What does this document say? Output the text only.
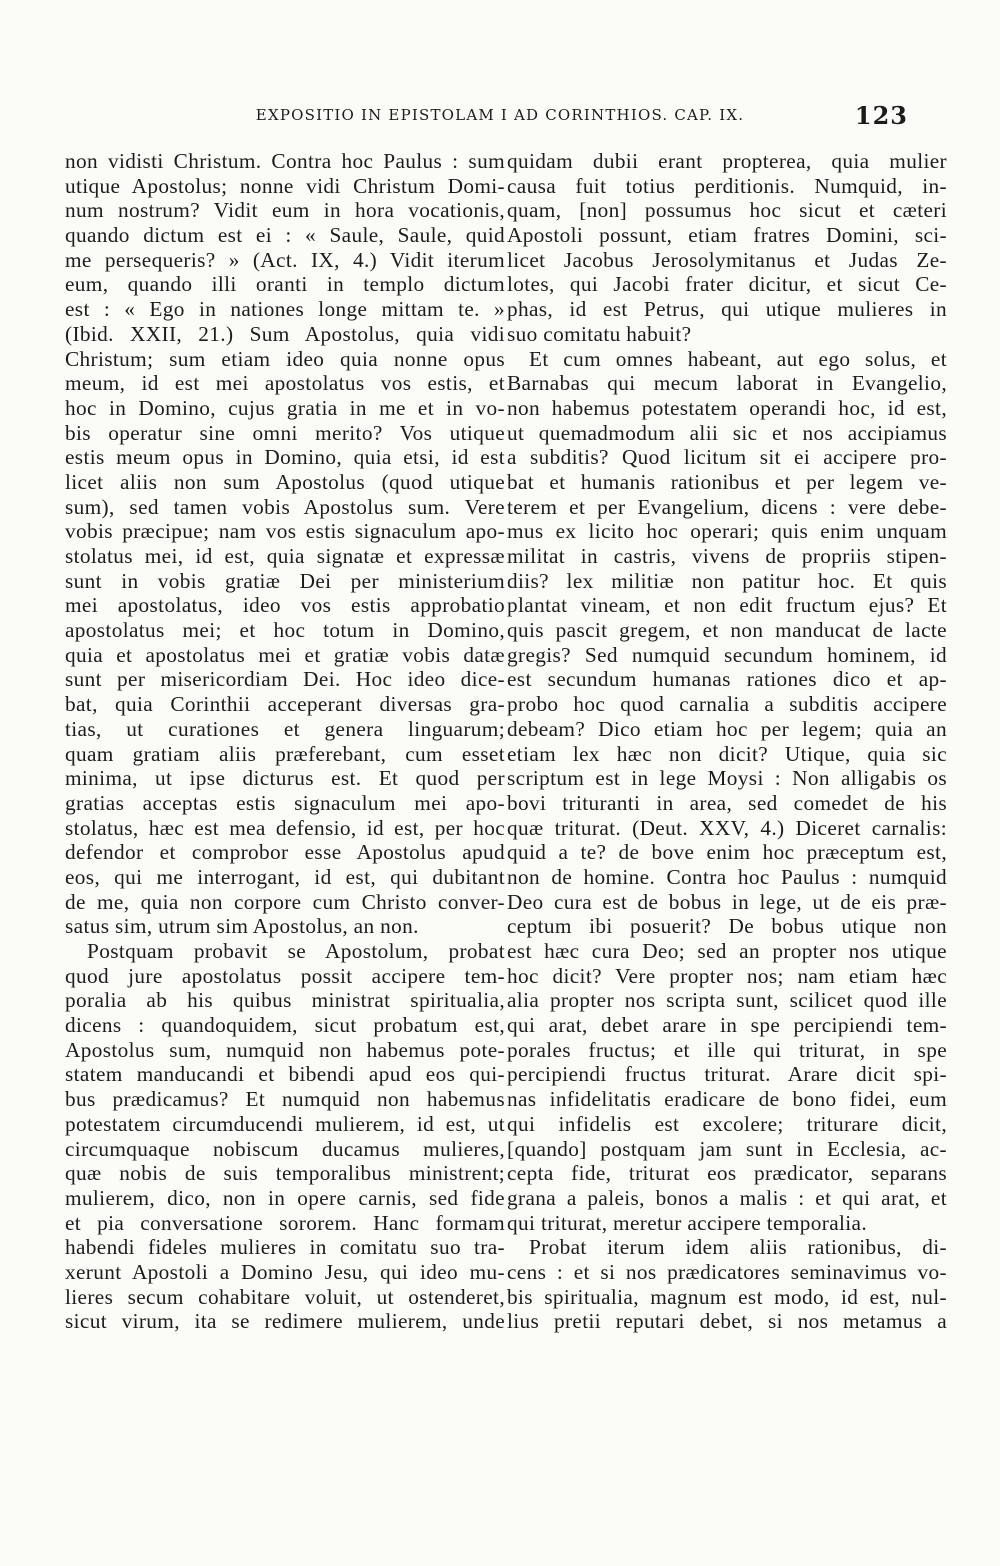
EXPOSITIO IN EPISTOLAM I AD CORINTHIOS. CAP. IX.	123
non vidisti Christum. Contra hoc Paulus : sum
utique Apostolus; nonne vidi Christum Domi-
num nostrum? Vidit eum in hora vocationis,
quando dictum est ei : « Saule, Saule, quid
me persequeris? » (Act. IX, 4.) Vidit iterum
eum, quando illi oranti in templo dictum
est : « Ego in nationes longe mittam te. »
(Ibid. XXII, 21.) Sum Apostolus, quia vidi
Christum; sum etiam ideo quia nonne opus
meum, id est mei apostolatus vos estis, et
hoc in Domino, cujus gratia in me et in vo-
bis operatur sine omni merito? Vos utique
estis meum opus in Domino, quia etsi, id est
licet aliis non sum Apostolus (quod utique
sum), sed tamen vobis Apostolus sum. Vere
vobis præcipue; nam vos estis signaculum apo-
stolatus mei, id est, quia signatæ et expressæ
sunt in vobis gratiæ Dei per ministerium
mei apostolatus, ideo vos estis approbatio
apostolatus mei; et hoc totum in Domino,
quia et apostolatus mei et gratiæ vobis datæ
sunt per misericordiam Dei. Hoc ideo dice-
bat, quia Corinthii acceperant diversas gra-
tias, ut curationes et genera linguarum;
quam gratiam aliis præferebant, cum esset
minima, ut ipse dicturus est. Et quod per
gratias acceptas estis signaculum mei apo-
stolatus, hæc est mea defensio, id est, per hoc
defendor et comprobor esse Apostolus apud
eos, qui me interrogant, id est, qui dubitant
de me, quia non corpore cum Christo conver-
satus sim, utrum sim Apostolus, an non.
Postquam probavit se Apostolum, probat
quod jure apostolatus possit accipere tem-
poralia ab his quibus ministrat spiritualia,
dicens : quandoquidem, sicut probatum est,
Apostolus sum, numquid non habemus pote-
statem manducandi et bibendi apud eos qui-
bus prædicamus? Et numquid non habemus
potestatem circumducendi mulierem, id est, ut
circumquaque nobiscum ducamus mulieres,
quæ nobis de suis temporalibus ministrent;
mulierem, dico, non in opere carnis, sed fide
et pia conversatione sororem. Hanc formam
habendi fideles mulieres in comitatu suo tra-
xerunt Apostoli a Domino Jesu, qui ideo mu-
lieres secum cohabitare voluit, ut ostenderet,
sicut virum, ita se redimere mulierem, unde
quidam dubii erant propterea, quia mulier
causa fuit totius perditionis. Numquid, in-
quam, [non] possumus hoc sicut et cæteri
Apostoli possunt, etiam fratres Domini, sci-
licet Jacobus Jerosolymitanus et Judas Ze-
lotes, qui Jacobi frater dicitur, et sicut Ce-
phas, id est Petrus, qui utique mulieres in
suo comitatu habuit?
Et cum omnes habeant, aut ego solus, et
Barnabas qui mecum laborat in Evangelio,
non habemus potestatem operandi hoc, id est,
ut quemadmodum alii sic et nos accipiamus
a subditis? Quod licitum sit ei accipere pro-
bat et humanis rationibus et per legem ve-
terem et per Evangelium, dicens : vere debe-
mus ex licito hoc operari; quis enim unquam
militat in castris, vivens de propriis stipen-
diis? lex militiæ non patitur hoc. Et quis
plantat vineam, et non edit fructum ejus? Et
quis pascit gregem, et non manducat de lacte
gregis? Sed numquid secundum hominem, id
est secundum humanas rationes dico et ap-
probo hoc quod carnalia a subditis accipere
debeam? Dico etiam hoc per legem; quia an
etiam lex hæc non dicit? Utique, quia sic
scriptum est in lege Moysi : Non alligabis os
bovi trituranti in area, sed comedet de his
quæ triturat. (Deut. XXV, 4.) Diceret carnalis:
quid a te? de bove enim hoc præceptum est,
non de homine. Contra hoc Paulus : numquid
Deo cura est de bobus in lege, ut de eis præ-
ceptum ibi posuerit? De bobus utique non
est hæc cura Deo; sed an propter nos utique
hoc dicit? Vere propter nos; nam etiam hæc
alia propter nos scripta sunt, scilicet quod ille
qui arat, debet arare in spe percipiendi tem-
porales fructus; et ille qui triturat, in spe
percipiendi fructus triturat. Arare dicit spi-
nas infidelitatis eradicare de bono fidei, eum
qui infidelis est excolere; triturare dicit,
[quando] postquam jam sunt in Ecclesia, ac-
cepta fide, triturat eos prædicator, separans
grana a paleis, bonos a malis : et qui arat, et
qui triturat, meretur accipere temporalia.
Probat iterum idem aliis rationibus, di-
cens : et si nos prædicatores seminavimus vo-
bis spiritualia, magnum est modo, id est, nul-
lius pretii reputari debet, si nos metamus a
